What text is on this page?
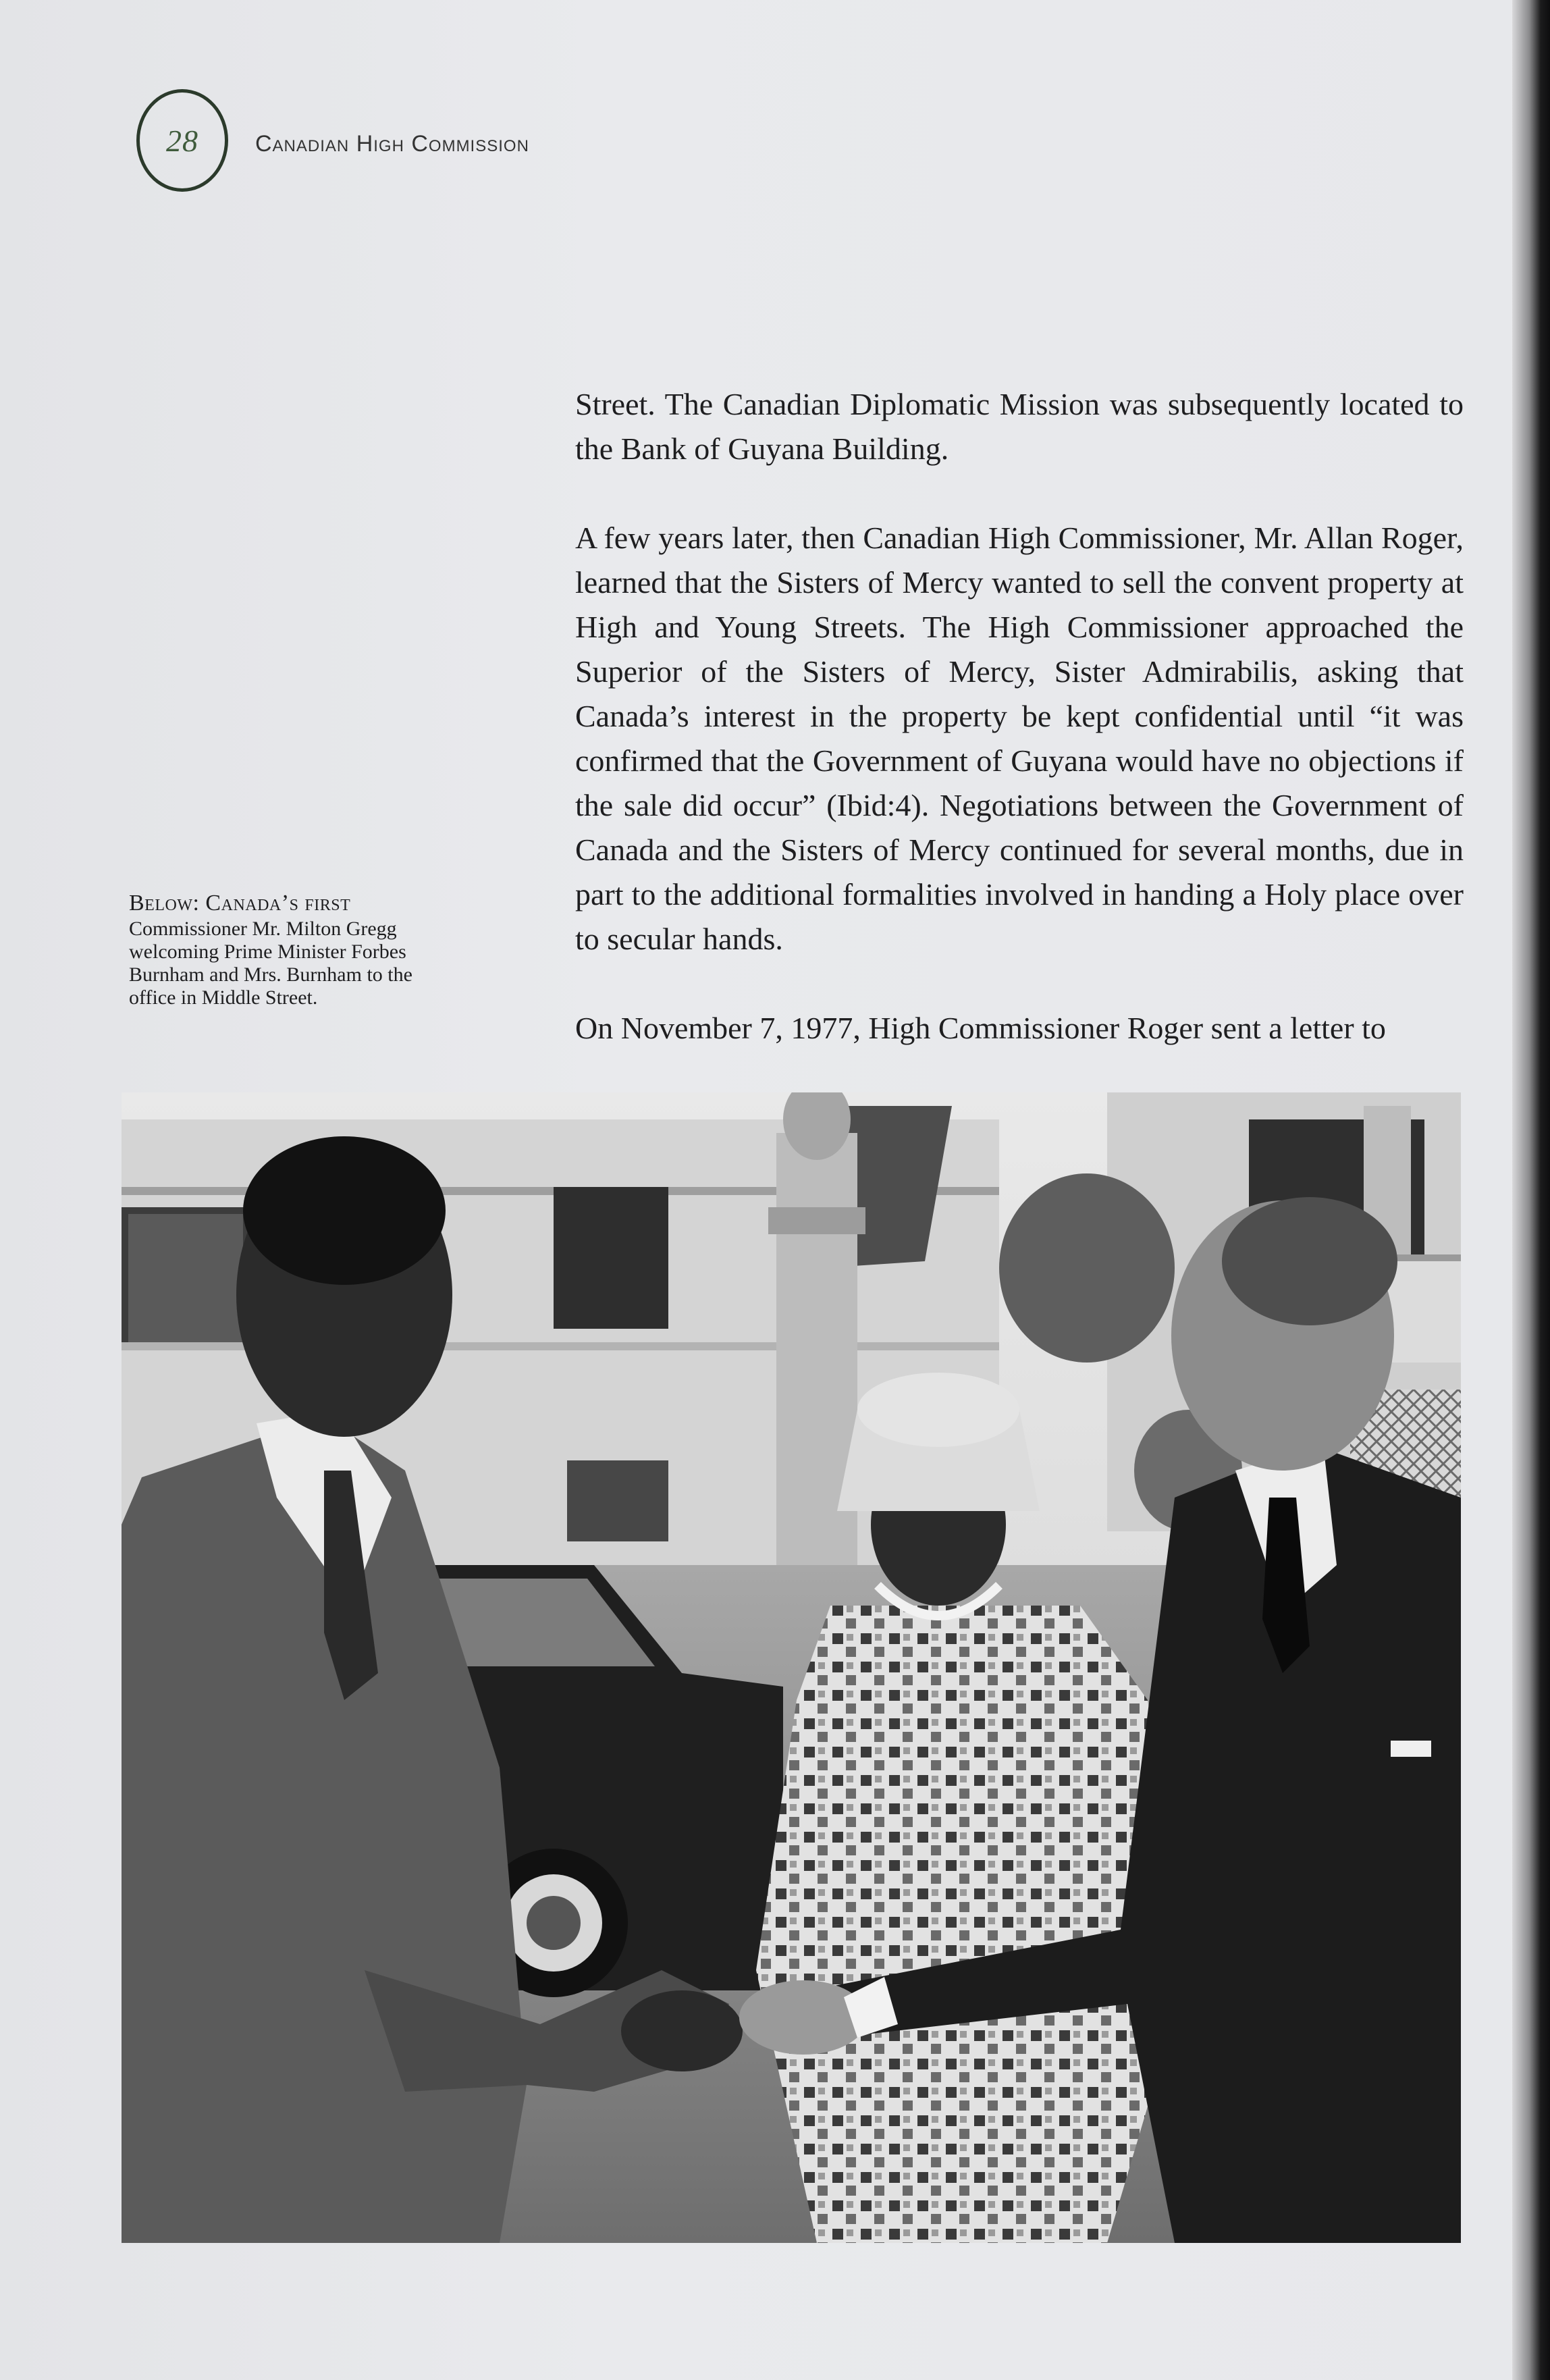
28 Canadian High Commission

Street. The Canadian Diplomatic Mission was subsequently located to the Bank of Guyana Building.

A few years later, then Canadian High Commissioner, Mr. Allan Roger, learned that the Sisters of Mercy wanted to sell the convent property at High and Young Streets. The High Commissioner approached the Superior of the Sisters of Mercy, Sister Admirabilis, asking that Canada’s interest in the property be kept confidential until “it was confirmed that the Government of Guyana would have no objections if the sale did occur” (Ibid:4). Negotiations between the Government of Canada and the Sisters of Mercy continued for several months, due in part to the additional formalities involved in handing a Holy place over to secular hands.

On November 7, 1977, High Commissioner Roger sent a letter to

Below: Canada’s first
Commissioner Mr. Milton Gregg welcoming Prime Minister Forbes Burnham and Mrs. Burnham to the office in Middle Street.
